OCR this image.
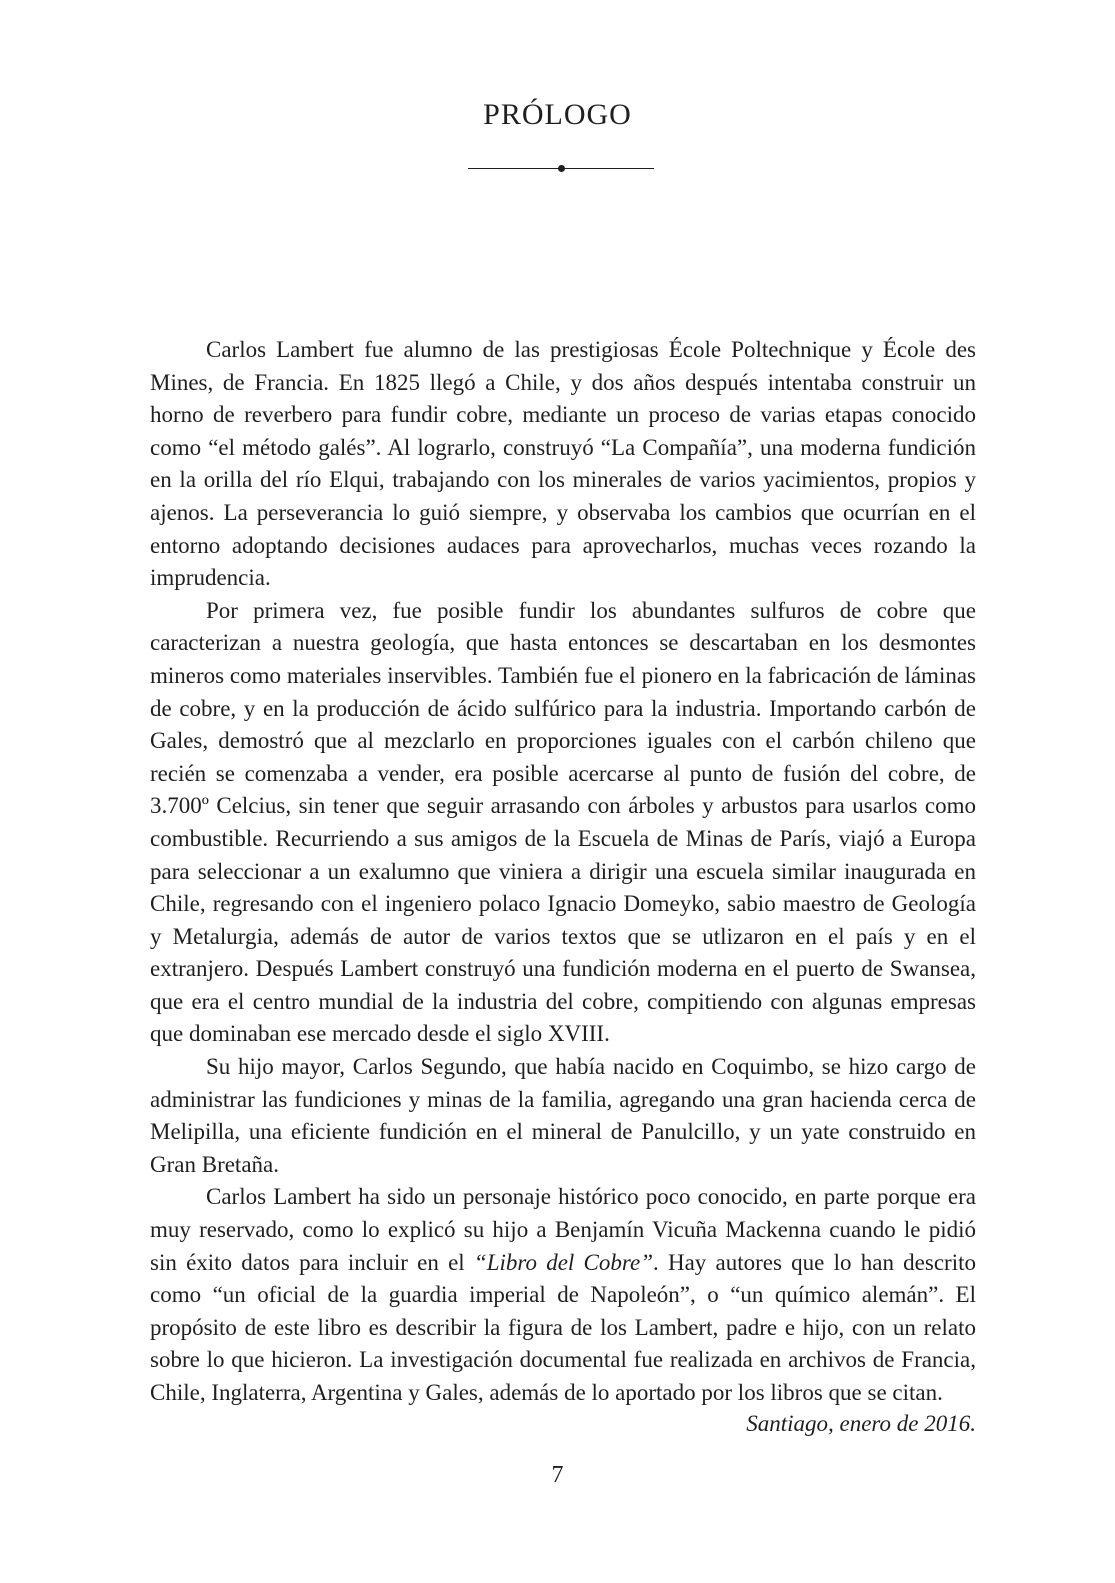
PRÓLOGO

Carlos Lambert fue alumno de las prestigiosas École Poltechnique y École des Mines, de Francia. En 1825 llegó a Chile, y dos años después intentaba construir un horno de reverbero para fundir cobre, mediante un proceso de varias etapas conocido como “el método galés”. Al lograrlo, construyó “La Compañía”, una moderna fundición en la orilla del río Elqui, trabajando con los minerales de varios yacimientos, propios y ajenos. La perseverancia lo guió siempre, y observaba los cambios que ocurrían en el entorno adoptando decisiones audaces para aprovecharlos, muchas veces rozando la imprudencia.

Por primera vez, fue posible fundir los abundantes sulfuros de cobre que caracterizan a nuestra geología, que hasta entonces se descartaban en los desmontes mineros como materiales inservibles. También fue el pionero en la fabricación de láminas de cobre, y en la producción de ácido sulfúrico para la industria. Importando carbón de Gales, demostró que al mezclarlo en proporciones iguales con el carbón chileno que recién se comenzaba a vender, era posible acercarse al punto de fusión del cobre, de 3.700º Celcius, sin tener que seguir arrasando con árboles y arbustos para usarlos como combustible. Recurriendo a sus amigos de la Escuela de Minas de París, viajó a Europa para seleccionar a un exalumno que viniera a dirigir una escuela similar inaugurada en Chile, regresando con el ingeniero polaco Ignacio Domeyko, sabio maestro de Geología y Metalurgia, además de autor de varios textos que se utlizaron en el país y en el extranjero. Después Lambert construyó una fundición moderna en el puerto de Swansea, que era el centro mundial de la industria del cobre, compitiendo con algunas empresas que dominaban ese mercado desde el siglo XVIII.

Su hijo mayor, Carlos Segundo, que había nacido en Coquimbo, se hizo cargo de administrar las fundiciones y minas de la familia, agregando una gran hacienda cerca de Melipilla, una eficiente fundición en el mineral de Panulcillo, y un yate construido en Gran Bretaña.

Carlos Lambert ha sido un personaje histórico poco conocido, en parte porque era muy reservado, como lo explicó su hijo a Benjamín Vicuña Mackenna cuando le pidió sin éxito datos para incluir en el “Libro del Cobre”. Hay autores que lo han descrito como “un oficial de la guardia imperial de Napoleón”, o “un químico alemán”. El propósito de este libro es describir la figura de los Lambert, padre e hijo, con un relato sobre lo que hicieron. La investigación documental fue realizada en archivos de Francia, Chile, Inglaterra, Argentina y Gales, además de lo aportado por los libros que se citan.

Santiago, enero de 2016.
7
